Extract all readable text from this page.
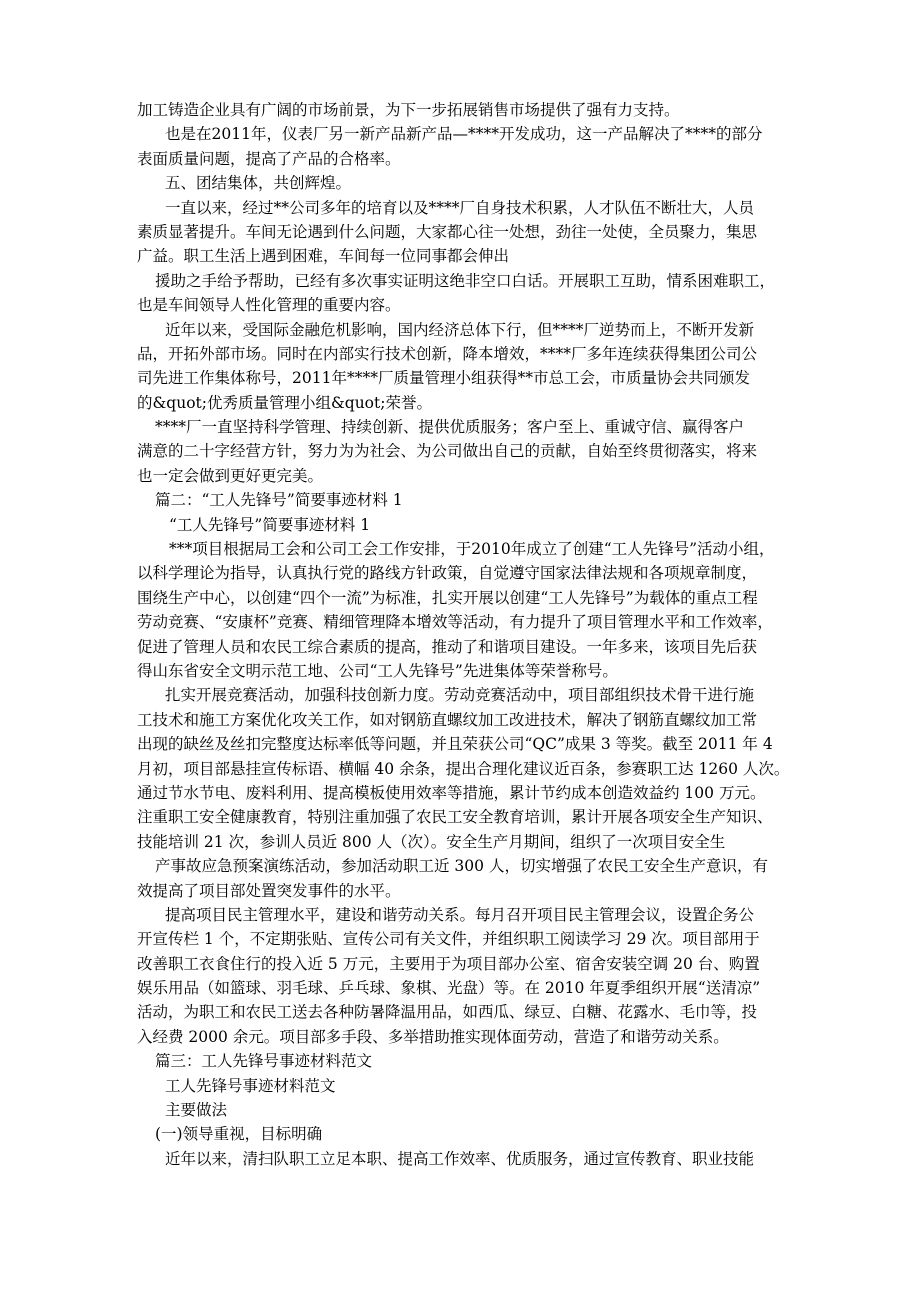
加工铸造企业具有广阔的市场前景，为下一步拓展销售市场提供了强有力支持。
也是在2011年，仪表厂另一新产品新产品—****开发成功，这一产品解决了****的部分
表面质量问题，提高了产品的合格率。
五、团结集体，共创辉煌。
一直以来，经过**公司多年的培育以及****厂自身技术积累，人才队伍不断壮大，人员
素质显著提升。车间无论遇到什么问题，大家都心往一处想，劲往一处使，全员聚力，集思
广益。职工生活上遇到困难，车间每一位同事都会伸出
援助之手给予帮助，已经有多次事实证明这绝非空口白话。开展职工互助，情系困难职工，
也是车间领导人性化管理的重要内容。
近年以来，受国际金融危机影响，国内经济总体下行，但****厂逆势而上，不断开发新
品，开拓外部市场。同时在内部实行技术创新，降本增效，****厂多年连续获得集团公司公
司先进工作集体称号，2011年****厂质量管理小组获得**市总工会，市质量协会共同颁发
的&quot;优秀质量管理小组&quot;荣誉。
****厂一直坚持科学管理、持续创新、提供优质服务；客户至上、重诚守信、赢得客户
满意的二十字经营方针，努力为为社会、为公司做出自己的贡献，自始至终贯彻落实，将来
也一定会做到更好更完美。
篇二：“工人先锋号”简要事迹材料 1
“工人先锋号”简要事迹材料 1
***项目根据局工会和公司工会工作安排，于2010年成立了创建“工人先锋号”活动小组，
以科学理论为指导，认真执行党的路线方针政策，自觉遵守国家法律法规和各项规章制度，
围绕生产中心，以创建“四个一流”为标准，扎实开展以创建“工人先锋号”为载体的重点工程
劳动竞赛、“安康杯”竞赛、精细管理降本增效等活动，有力提升了项目管理水平和工作效率，
促进了管理人员和农民工综合素质的提高，推动了和谐项目建设。一年多来，该项目先后获
得山东省安全文明示范工地、公司“工人先锋号”先进集体等荣誉称号。
扎实开展竞赛活动，加强科技创新力度。劳动竞赛活动中，项目部组织技术骨干进行施
工技术和施工方案优化攻关工作，如对钢筋直螺纹加工改进技术，解决了钢筋直螺纹加工常
出现的缺丝及丝扣完整度达标率低等问题，并且荣获公司“QC”成果 3 等奖。截至 2011 年 4
月初，项目部悬挂宣传标语、横幅 40 余条，提出合理化建议近百条，参赛职工达 1260 人次。
通过节水节电、废料利用、提高模板使用效率等措施，累计节约成本创造效益约 100 万元。
注重职工安全健康教育，特别注重加强了农民工安全教育培训，累计开展各项安全生产知识、
技能培训 21 次，参训人员近 800 人（次）。安全生产月期间，组织了一次项目安全生
产事故应急预案演练活动，参加活动职工近 300 人，切实增强了农民工安全生产意识，有
效提高了项目部处置突发事件的水平。
提高项目民主管理水平，建设和谐劳动关系。每月召开项目民主管理会议，设置企务公
开宣传栏 1 个，不定期张贴、宣传公司有关文件，并组织职工阅读学习 29 次。项目部用于
改善职工衣食住行的投入近 5 万元，主要用于为项目部办公室、宿舍安装空调 20 台、购置
娱乐用品（如篮球、羽毛球、乒乓球、象棋、光盘）等。在 2010 年夏季组织开展“送清凉”
活动，为职工和农民工送去各种防暑降温用品，如西瓜、绿豆、白糖、花露水、毛巾等，投
入经费 2000 余元。项目部多手段、多举措助推实现体面劳动，营造了和谐劳动关系。
篇三：工人先锋号事迹材料范文
工人先锋号事迹材料范文
主要做法
(一)领导重视，目标明确
近年以来，清扫队职工立足本职、提高工作效率、优质服务，通过宣传教育、职业技能
